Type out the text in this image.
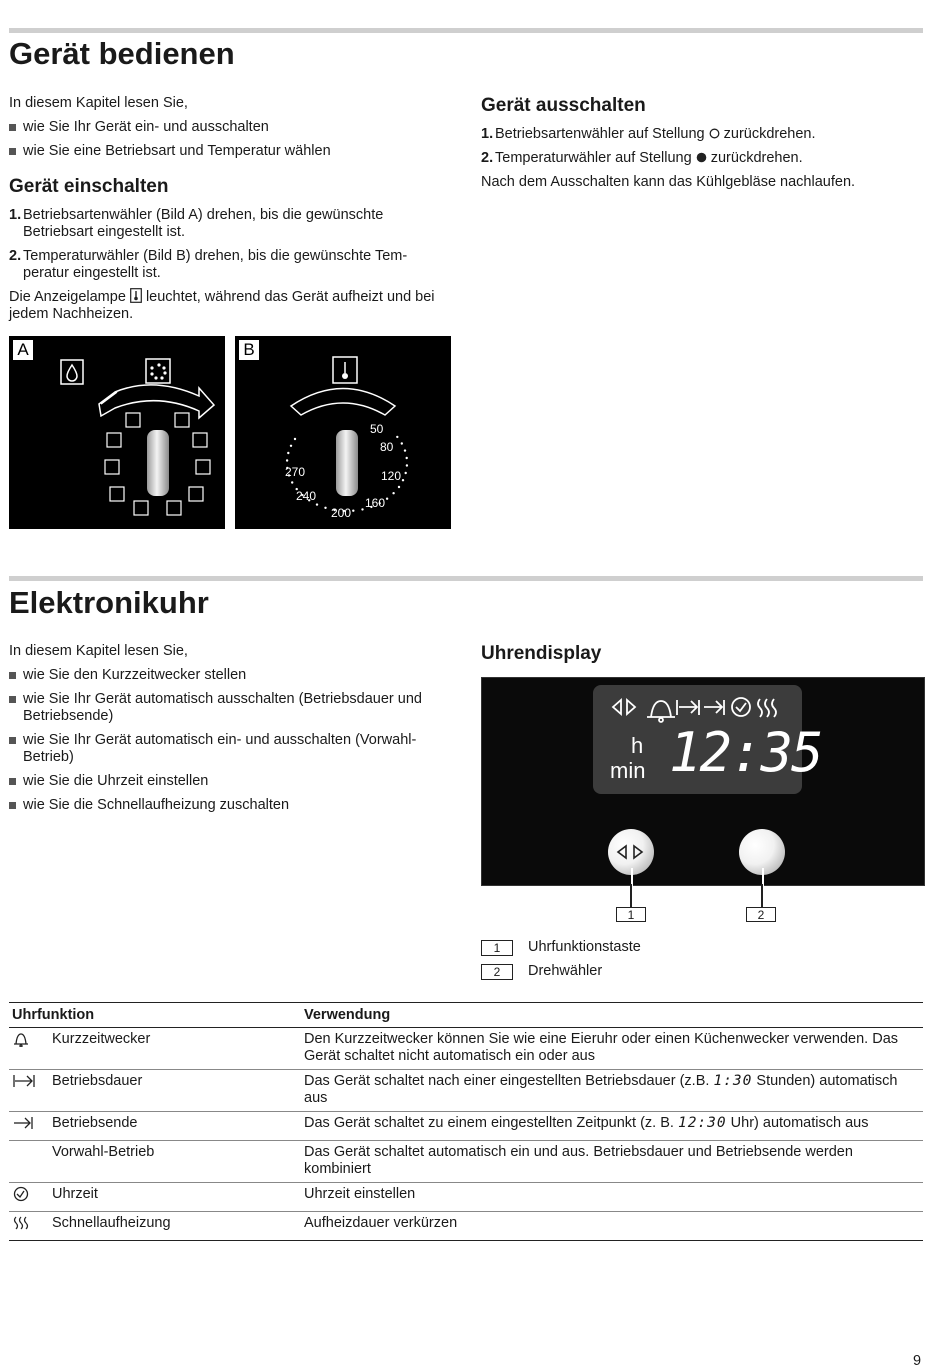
Gerät bedienen
In diesem Kapitel lesen Sie,
wie Sie Ihr Gerät ein- und ausschalten
wie Sie eine Betriebsart und Temperatur wählen
Gerät einschalten
1. Betriebsartenwähler (Bild A) drehen, bis die gewünschte Betriebsart eingestellt ist.
2. Temperaturwähler (Bild B) drehen, bis die gewünschte Tem-
peratur eingestellt ist.
Die Anzeigelampe leuchtet, während das Gerät aufheizt und bei jedem Nachheizen.
Gerät ausschalten
1. Betriebsartenwähler auf Stellung zurückdrehen.
2. Temperaturwähler auf Stellung zurückdrehen.
Nach dem Ausschalten kann das Kühlgebläse nachlaufen.
A	B
50
80
120
160
200
240
270
Elektronikuhr
In diesem Kapitel lesen Sie,
wie Sie den Kurzzeitwecker stellen
wie Sie Ihr Gerät automatisch ausschalten (Betriebsdauer und Betriebsende)
wie Sie Ihr Gerät automatisch ein- und ausschalten (Vorwahl-Betrieb)
wie Sie die Uhrzeit einstellen
wie Sie die Schnellaufheizung zuschalten
Uhrendisplay
h
min 12:35
1	2
1	Uhrfunktionstaste
2	Drehwähler
Uhrfunktion	Verwendung
Kurzzeitwecker	Den Kurzzeitwecker können Sie wie eine Eieruhr oder einen Küchenwecker verwenden. Das Gerät schaltet nicht automatisch ein oder aus
Betriebsdauer	Das Gerät schaltet nach einer eingestellten Betriebsdauer (z.B. 1:30 Stunden) automatisch aus
Betriebsende	Das Gerät schaltet zu einem eingestellten Zeitpunkt (z. B. 12:30 Uhr) automatisch aus
Vorwahl-Betrieb	Das Gerät schaltet automatisch ein und aus. Betriebsdauer und Betriebsende werden kombiniert
Uhrzeit	Uhrzeit einstellen
Schnellaufheizung	Aufheizdauer verkürzen
9
